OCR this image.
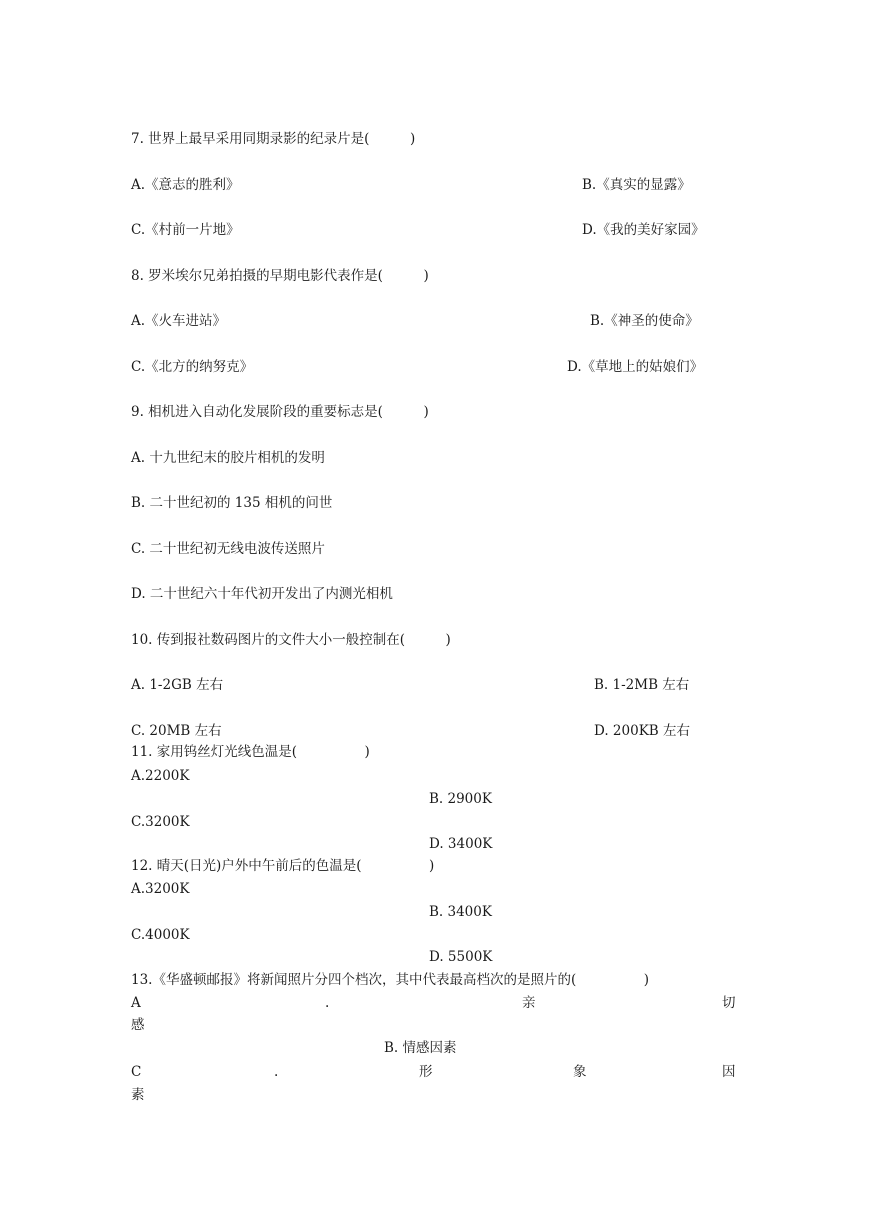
7. 世界上最早采用同期录影的纪录片是(　　　)
A.《意志的胜利》	B.《真实的显露》
C.《村前一片地》	D.《我的美好家园》
8. 罗米埃尔兄弟拍摄的早期电影代表作是(　　　)
A.《火车进站》	B.《神圣的使命》
C.《北方的纳努克》	D.《草地上的姑娘们》
9. 相机进入自动化发展阶段的重要标志是(　　　)
A. 十九世纪末的胶片相机的发明
B. 二十世纪初的 135 相机的问世
C. 二十世纪初无线电波传送照片
D. 二十世纪六十年代初开发出了内测光相机
10. 传到报社数码图片的文件大小一般控制在(　　　)
A. 1-2GB 左右	B. 1-2MB 左右
C. 20MB 左右	D. 200KB 左右
11. 家用钨丝灯光线色温是(　　　　　)
A.2200K
B. 2900K
C.3200K
D. 3400K
12. 晴天(日光)户外中午前后的色温是(　　　　　)
A.3200K
B. 3400K
C.4000K
D. 5500K
13.《华盛顿邮报》将新闻照片分四个档次，其中代表最高档次的是照片的(　　　　　)
A	.	亲	切
感
B. 情感因素
C	.	形	象	因
素
